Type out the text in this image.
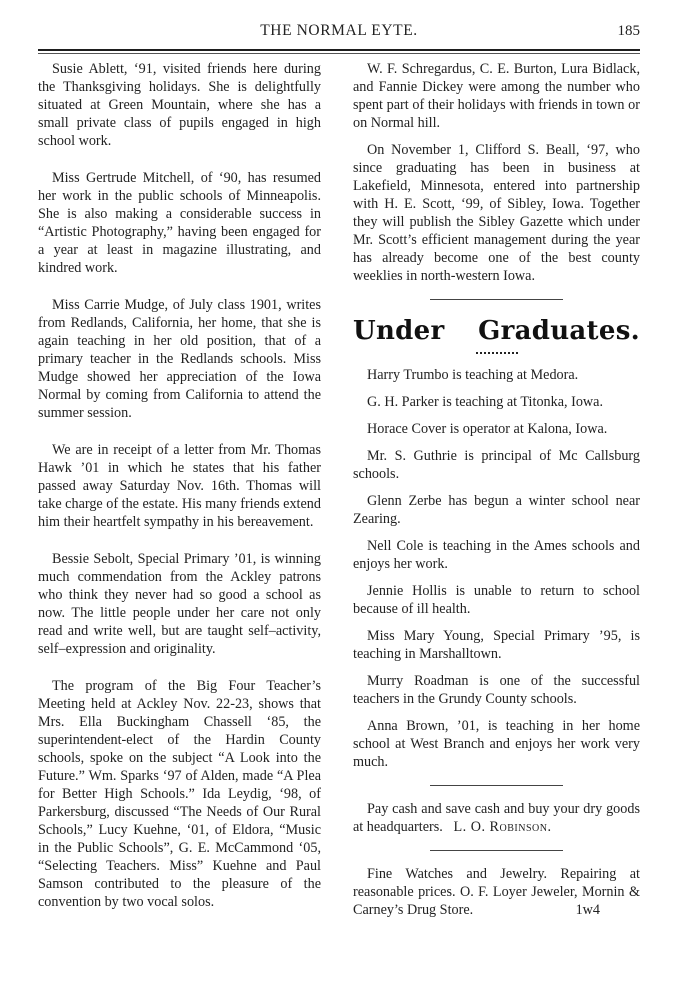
THE NORMAL EYTE.	185

Susie Ablett, ‘91, visited friends here during the Thanksgiving holidays. She is delightfully situated at Green Mountain, where she has a small private class of pupils engaged in high school work.

Miss Gertrude Mitchell, of ‘90, has resumed her work in the public schools of Minneapolis. She is also making a considerable success in “Artistic Photography,” having been engaged for a year at least in magazine illustrating, and kindred work.

Miss Carrie Mudge, of July class 1901, writes from Redlands, California, her home, that she is again teaching in her old position, that of a primary teacher in the Redlands schools. Miss Mudge showed her appreciation of the Iowa Normal by coming from California to attend the summer session.

We are in receipt of a letter from Mr. Thomas Hawk ’01 in which he states that his father passed away Saturday Nov. 16th. Thomas will take charge of the estate. His many friends extend him their heartfelt sympathy in his bereavement.

Bessie Sebolt, Special Primary ’01, is winning much commendation from the Ackley patrons who think they never had so good a school as now. The little people under her care not only read and write well, but are taught self–activity, self–expression and originality.

The program of the Big Four Teacher’s Meeting held at Ackley Nov. 22-23, shows that Mrs. Ella Buckingham Chassell ‘85, the superintendent-elect of the Hardin County schools, spoke on the subject “A Look into the Future.” Wm. Sparks ‘97 of Alden, made “A Plea for Better High Schools.” Ida Leydig, ‘98, of Parkersburg, discussed “The Needs of Our Rural Schools,” Lucy Kuehne, ‘01, of Eldora, “Music in the Public Schools”, G. E. McCammond ‘05, “Selecting Teachers. Miss” Kuehne and Paul Samson contributed to the pleasure of the convention by two vocal solos.

W. F. Schregardus, C. E. Burton, Lura Bidlack, and Fannie Dickey were among the number who spent part of their holidays with friends in town or on Normal hill.

On November 1, Clifford S. Beall, ‘97, who since graduating has been in business at Lakefield, Minnesota, entered into partnership with H. E. Scott, ‘99, of Sibley, Iowa. Together they will publish the Sibley Gazette which under Mr. Scott’s efficient management during the year has already become one of the best county weeklies in north-western Iowa.

Under Graduates.

Harry Trumbo is teaching at Medora.

G. H. Parker is teaching at Titonka, Iowa.

Horace Cover is operator at Kalona, Iowa.

Mr. S. Guthrie is principal of Mc Callsburg schools.

Glenn Zerbe has begun a winter school near Zearing.

Nell Cole is teaching in the Ames schools and enjoys her work.

Jennie Hollis is unable to return to school because of ill health.

Miss Mary Young, Special Primary ’95, is teaching in Marshalltown.

Murry Roadman is one of the successful teachers in the Grundy County schools.

Anna Brown, ’01, is teaching in her home school at West Branch and enjoys her work very much.

Pay cash and save cash and buy your dry goods at headquarters. L. O. Robinson.

Fine Watches and Jewelry. Repairing at reasonable prices. O. F. Loyer Jeweler, Mornin & Carney’s Drug Store.	1w4
